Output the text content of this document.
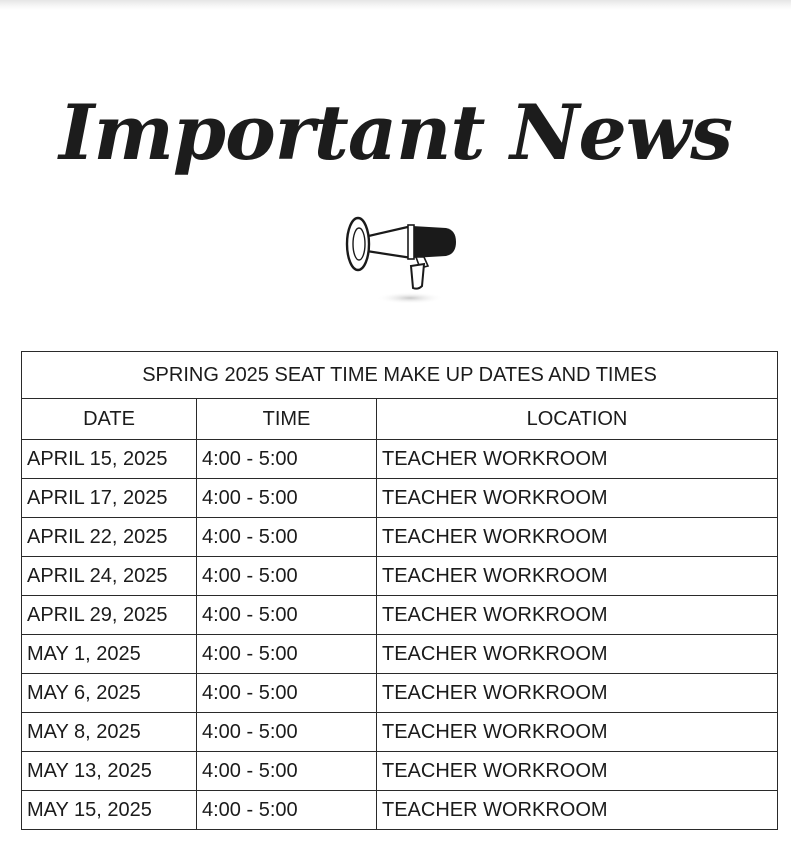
Important News
SPRING 2025 SEAT TIME MAKE UP DATES AND TIMES		
DATE	TIME	LOCATION
APRIL 15, 2025	4:00 - 5:00	TEACHER WORKROOM
APRIL 17, 2025	4:00 - 5:00	TEACHER WORKROOM
APRIL 22, 2025	4:00 - 5:00	TEACHER WORKROOM
APRIL 24, 2025	4:00 - 5:00	TEACHER WORKROOM
APRIL 29, 2025	4:00 - 5:00	TEACHER WORKROOM
MAY 1, 2025	4:00 - 5:00	TEACHER WORKROOM
MAY 6, 2025	4:00 - 5:00	TEACHER WORKROOM
MAY 8, 2025	4:00 - 5:00	TEACHER WORKROOM
MAY 13, 2025	4:00 - 5:00	TEACHER WORKROOM
MAY 15, 2025	4:00 - 5:00	TEACHER WORKROOM
